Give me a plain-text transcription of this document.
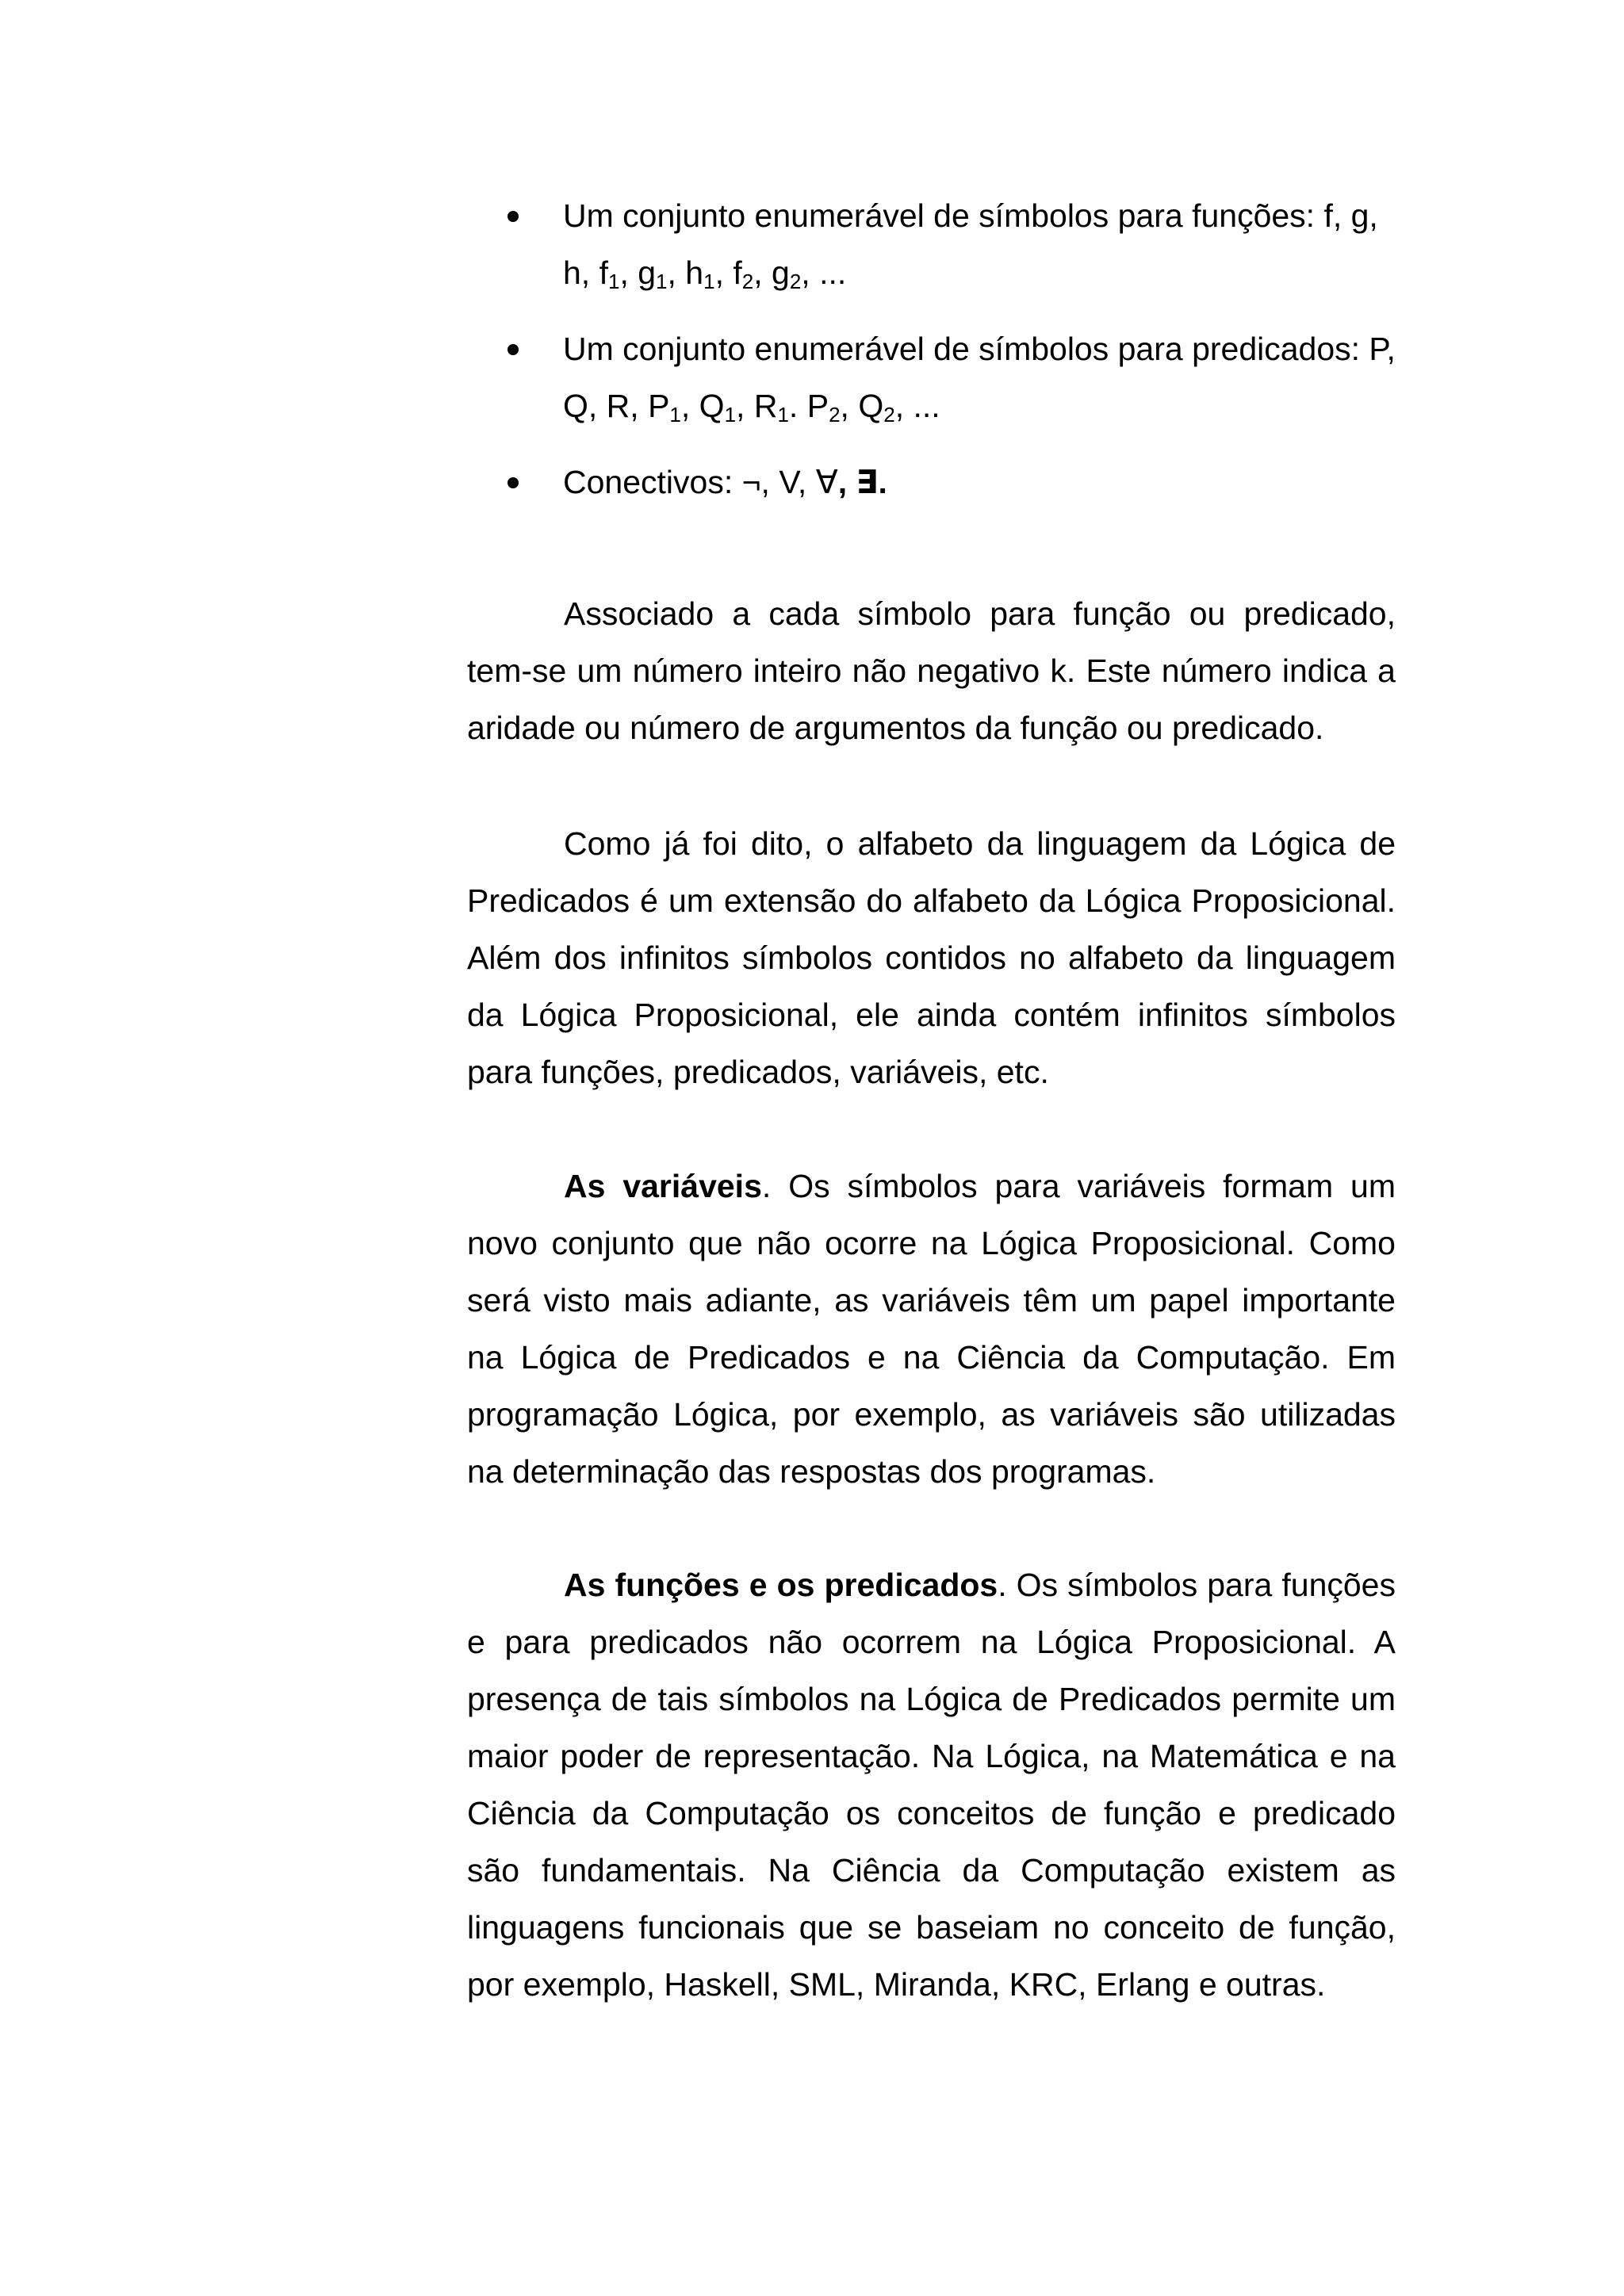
Um conjunto enumerável de símbolos para funções: f, g,
h, $f_1$, $g_1$, $h_1$, $f_2$, $g_2$, ...
Um conjunto enumerável de símbolos para predicados: P,
Q, R, $P_1$, $Q_1$, $R_1$. $P_2$, $Q_2$, ...
Conectivos: ¬, V, ∀, ∃.

Associado a cada símbolo para função ou predicado, tem-se um número inteiro não negativo k. Este número indica a aridade ou número de argumentos da função ou predicado.

Como já foi dito, o alfabeto da linguagem da Lógica de Predicados é um extensão do alfabeto da Lógica Proposicional. Além dos infinitos símbolos contidos no alfabeto da linguagem da Lógica Proposicional, ele ainda contém infinitos símbolos para funções, predicados, variáveis, etc.

As variáveis. Os símbolos para variáveis formam um novo conjunto que não ocorre na Lógica Proposicional. Como será visto mais adiante, as variáveis têm um papel importante na Lógica de Predicados e na Ciência da Computação. Em programação Lógica, por exemplo, as variáveis são utilizadas na determinação das respostas dos programas.

As funções e os predicados. Os símbolos para funções e para predicados não ocorrem na Lógica Proposicional. A presença de tais símbolos na Lógica de Predicados permite um maior poder de representação. Na Lógica, na Matemática e na Ciência da Computação os conceitos de função e predicado são fundamentais. Na Ciência da Computação existem as linguagens funcionais que se baseiam no conceito de função, por exemplo, Haskell, SML, Miranda, KRC, Erlang e outras.
